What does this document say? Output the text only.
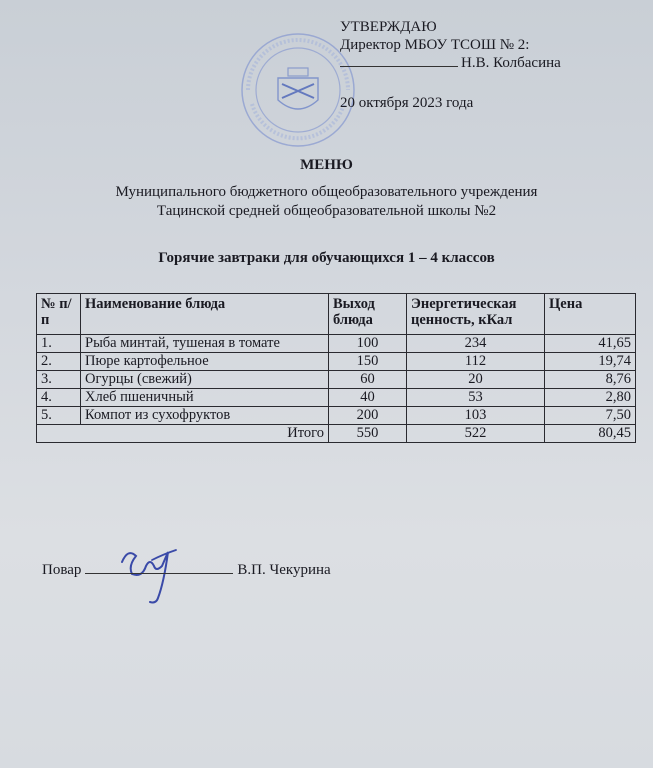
УТВЕРЖДАЮ
Директор МБОУ ТСОШ № 2:
Н.В. Колбасина
20 октября 2023 года
МЕНЮ
Муниципального бюджетного общеобразовательного учреждения
Тацинской средней общеобразовательной школы №2
Горячие завтраки для обучающихся 1 – 4 классов
№ п/п	Наименование блюда	Выход блюда	Энергетическая ценность, кКал	Цена
1.	Рыба минтай, тушеная в томате	100	234	41,65
2.	Пюре картофельное	150	112	19,74
3.	Огурцы (свежий)	60	20	8,76
4.	Хлеб пшеничный	40	53	2,80
5.	Компот из сухофруктов	200	103	7,50
Итого		550	522	80,45
Повар	В.П. Чекурина
